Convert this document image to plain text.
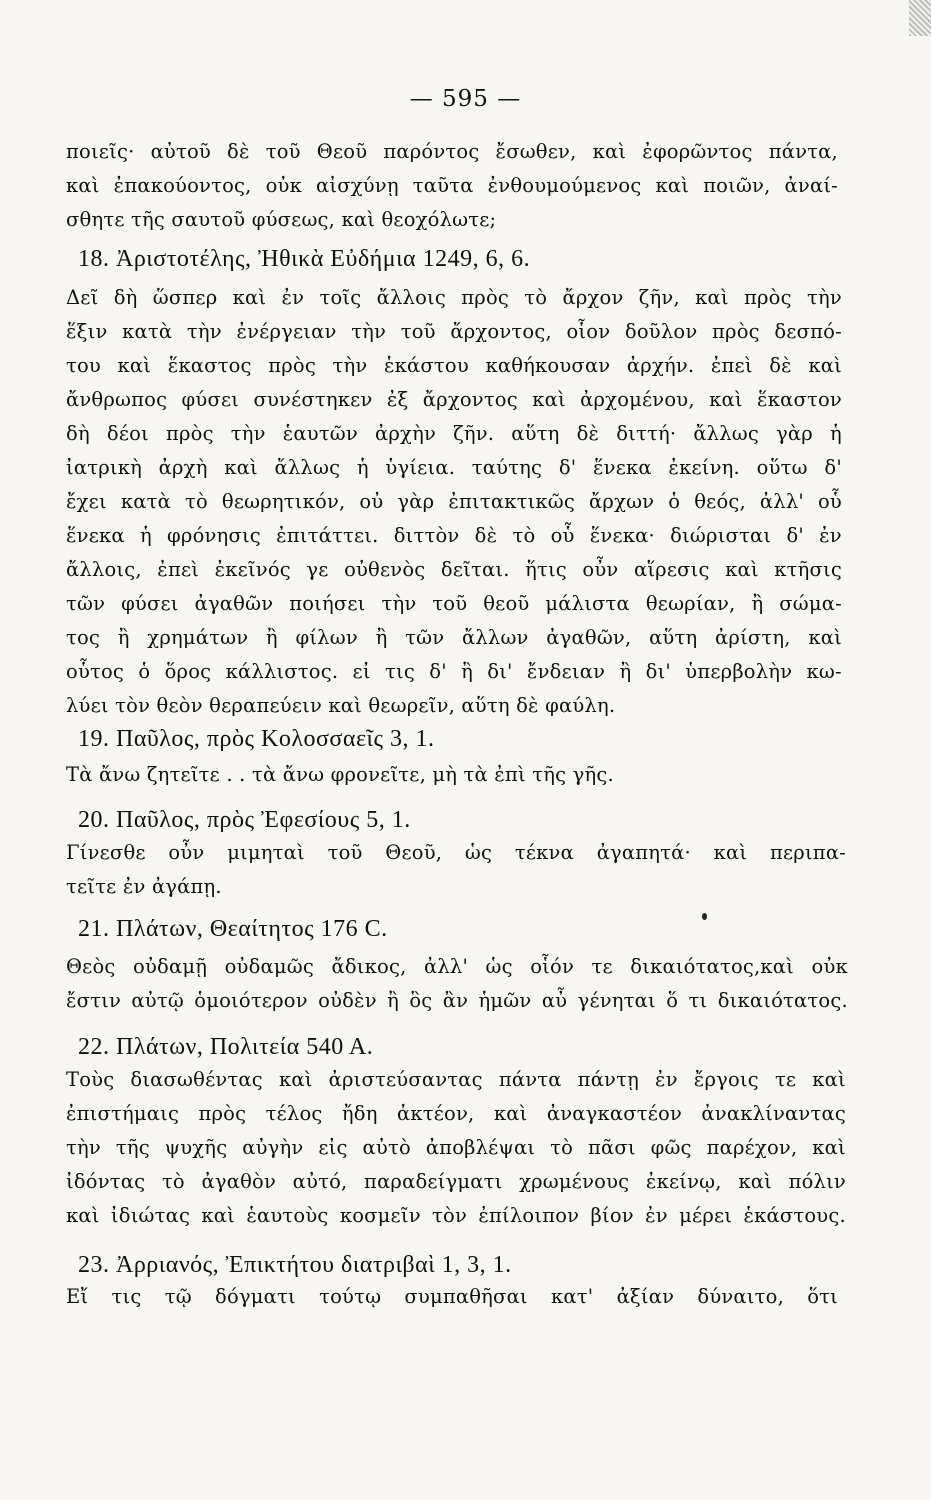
— 595 —
ποιεῖς· αὐτοῦ δὲ τοῦ Θεοῦ παρόντος ἔσωθεν, καὶ ἐφορῶντος πάντα,
καὶ ἐπακούοντος, οὐκ αἰσχύνῃ ταῦτα ἐνθουμούμενος καὶ ποιῶν, ἀναί-
σθητε τῆς σαυτοῦ φύσεως, καὶ θεοχόλωτε;
18. Ἀριστοτέλης, Ἠθικὰ Εὐδήμια 1249, 6, 6.
Δεῖ δὴ ὥσπερ καὶ ἐν τοῖς ἄλλοις πρὸς τὸ ἄρχον ζῆν, καὶ πρὸς τὴν
ἕξιν κατὰ τὴν ἐνέργειαν τὴν τοῦ ἄρχοντος, οἷον δοῦλον πρὸς δεσπό-
του καὶ ἕκαστος πρὸς τὴν ἑκάστου καθήκουσαν ἀρχήν. ἐπεὶ δὲ καὶ
ἄνθρωπος φύσει συνέστηκεν ἐξ ἄρχοντος καὶ ἀρχομένου, καὶ ἕκαστον
δὴ δέοι πρὸς τὴν ἑαυτῶν ἀρχὴν ζῆν. αὕτη δὲ διττή· ἄλλως γὰρ ἡ
ἰατρικὴ ἀρχὴ καὶ ἄλλως ἡ ὑγίεια. ταύτης δ' ἕνεκα ἐκείνη. οὕτω δ'
ἔχει κατὰ τὸ θεωρητικόν, οὐ γὰρ ἐπιτακτικῶς ἄρχων ὁ θεός, ἀλλ' οὗ
ἕνεκα ἡ φρόνησις ἐπιτάττει. διττὸν δὲ τὸ οὗ ἕνεκα· διώρισται δ' ἐν
ἄλλοις, ἐπεὶ ἐκεῖνός γε οὐθενὸς δεῖται. ἥτις οὖν αἵρεσις καὶ κτῆσις
τῶν φύσει ἀγαθῶν ποιήσει τὴν τοῦ θεοῦ μάλιστα θεωρίαν, ἢ σώμα-
τος ἢ χρημάτων ἢ φίλων ἢ τῶν ἄλλων ἀγαθῶν, αὕτη ἀρίστη, καὶ
οὗτος ὁ ὅρος κάλλιστος. εἰ τις δ' ἢ δι' ἔνδειαν ἢ δι' ὑπερβολὴν κω-
λύει τὸν θεὸν θεραπεύειν καὶ θεωρεῖν, αὕτη δὲ φαύλη.
19. Παῦλος, πρὸς Κολοσσαεῖς 3, 1.
Τὰ ἄνω ζητεῖτε . . τὰ ἄνω φρονεῖτε, μὴ τὰ ἐπὶ τῆς γῆς.
20. Παῦλος, πρὸς Ἐφεσίους 5, 1.
Γίνεσθε οὖν μιμηταὶ τοῦ Θεοῦ, ὡς τέκνα ἀγαπητά· καὶ περιπα-
τεῖτε ἐν ἀγάπῃ.
21. Πλάτων, Θεαίτητος 176 C.
Θεὸς οὐδαμῇ οὐδαμῶς ἄδικος, ἀλλ' ὡς οἷόν τε δικαιότατος,καὶ οὐκ
ἔστιν αὐτῷ ὁμοιότερον οὐδὲν ἢ ὃς ἂν ἡμῶν αὖ γένηται ὅ τι δικαιότατος.
22. Πλάτων, Πολιτεία 540 Α.
Τοὺς διασωθέντας καὶ ἀριστεύσαντας πάντα πάντῃ ἐν ἔργοις τε καὶ
ἐπιστήμαις πρὸς τέλος ἤδη ἀκτέον, καὶ ἀναγκαστέον ἀνακλίναντας
τὴν τῆς ψυχῆς αὐγὴν εἰς αὐτὸ ἀποβλέψαι τὸ πᾶσι φῶς παρέχον, καὶ
ἰδόντας τὸ ἀγαθὸν αὐτό, παραδείγματι χρωμένους ἐκείνῳ, καὶ πόλιν
καὶ ἰδιώτας καὶ ἑαυτοὺς κοσμεῖν τὸν ἐπίλοιπον βίον ἐν μέρει ἑκάστους.
23. Ἀρριανός, Ἐπικτήτου διατριβαὶ 1, 3, 1.
Εἴ τις τῷ δόγματι τούτῳ συμπαθῆσαι κατ' ἀξίαν δύναιτο, ὅτι
